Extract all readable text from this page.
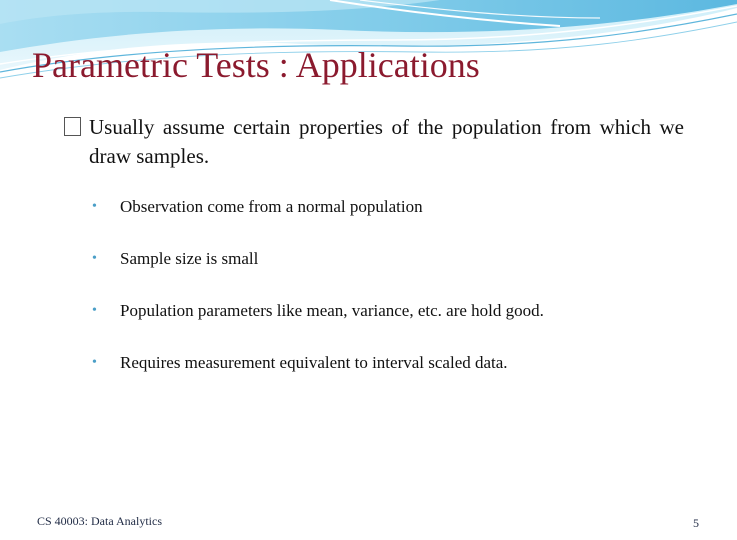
Parametric Tests : Applications
Usually assume certain properties of the population from which we draw samples.
• Observation come from a normal population
• Sample size is small
• Population parameters like mean, variance, etc. are hold good.
• Requires measurement equivalent to interval scaled data.
CS 40003: Data Analytics	5
